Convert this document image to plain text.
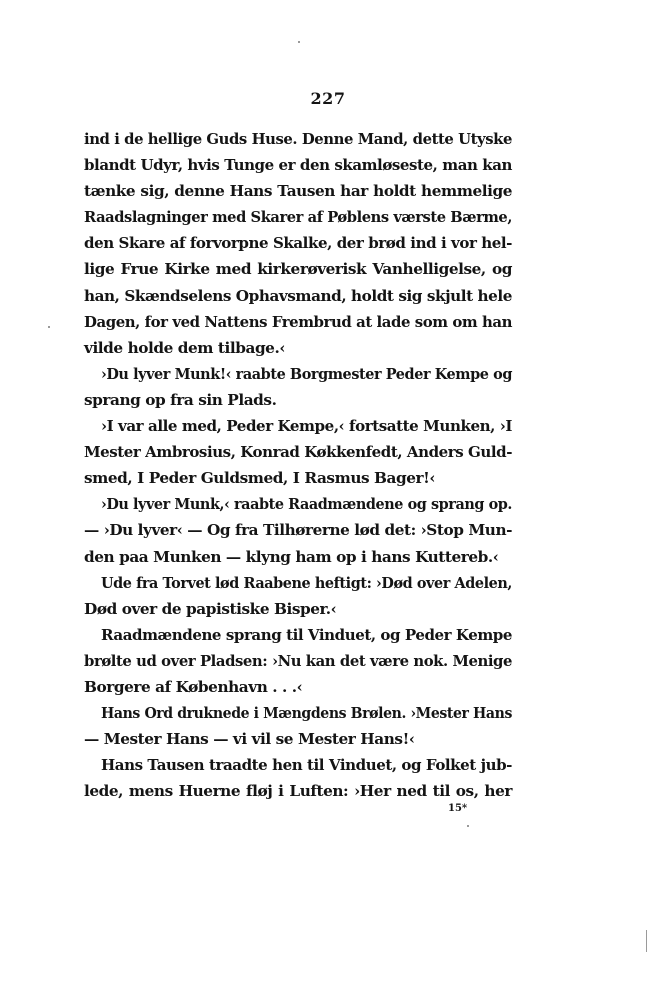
227
ind i de hellige Guds Huse. Denne Mand, dette Utyske
blandt Udyr, hvis Tunge er den skamløseste, man kan
tænke sig, denne Hans Tausen har holdt hemmelige
Raadslagninger med Skarer af Pøblens værste Bærme,
den Skare af forvorpne Skalke, der brød ind i vor hel-
lige Frue Kirke med kirkerøverisk Vanhelligelse, og
han, Skændselens Ophavsmand, holdt sig skjult hele
Dagen, for ved Nattens Frembrud at lade som om han
vilde holde dem tilbage.‹
›Du lyver Munk!‹ raabte Borgmester Peder Kempe og
sprang op fra sin Plads.
›I var alle med, Peder Kempe,‹ fortsatte Munken, ›I
Mester Ambrosius, Konrad Køkkenfedt, Anders Guld-
smed, I Peder Guldsmed, I Rasmus Bager!‹
›Du lyver Munk,‹ raabte Raadmændene og sprang op.
— ›Du lyver‹ — Og fra Tilhørerne lød det: ›Stop Mun-
den paa Munken — klyng ham op i hans Kuttereb.‹
Ude fra Torvet lød Raabene heftigt: ›Død over Adelen,
Død over de papistiske Bisper.‹
Raadmændene sprang til Vinduet, og Peder Kempe
brølte ud over Pladsen: ›Nu kan det være nok. Menige
Borgere af København . . .‹
Hans Ord druknede i Mængdens Brølen. ›Mester Hans
— Mester Hans — vi vil se Mester Hans!‹
Hans Tausen traadte hen til Vinduet, og Folket jub-
lede, mens Huerne fløj i Luften: ›Her ned til os, her
15*
